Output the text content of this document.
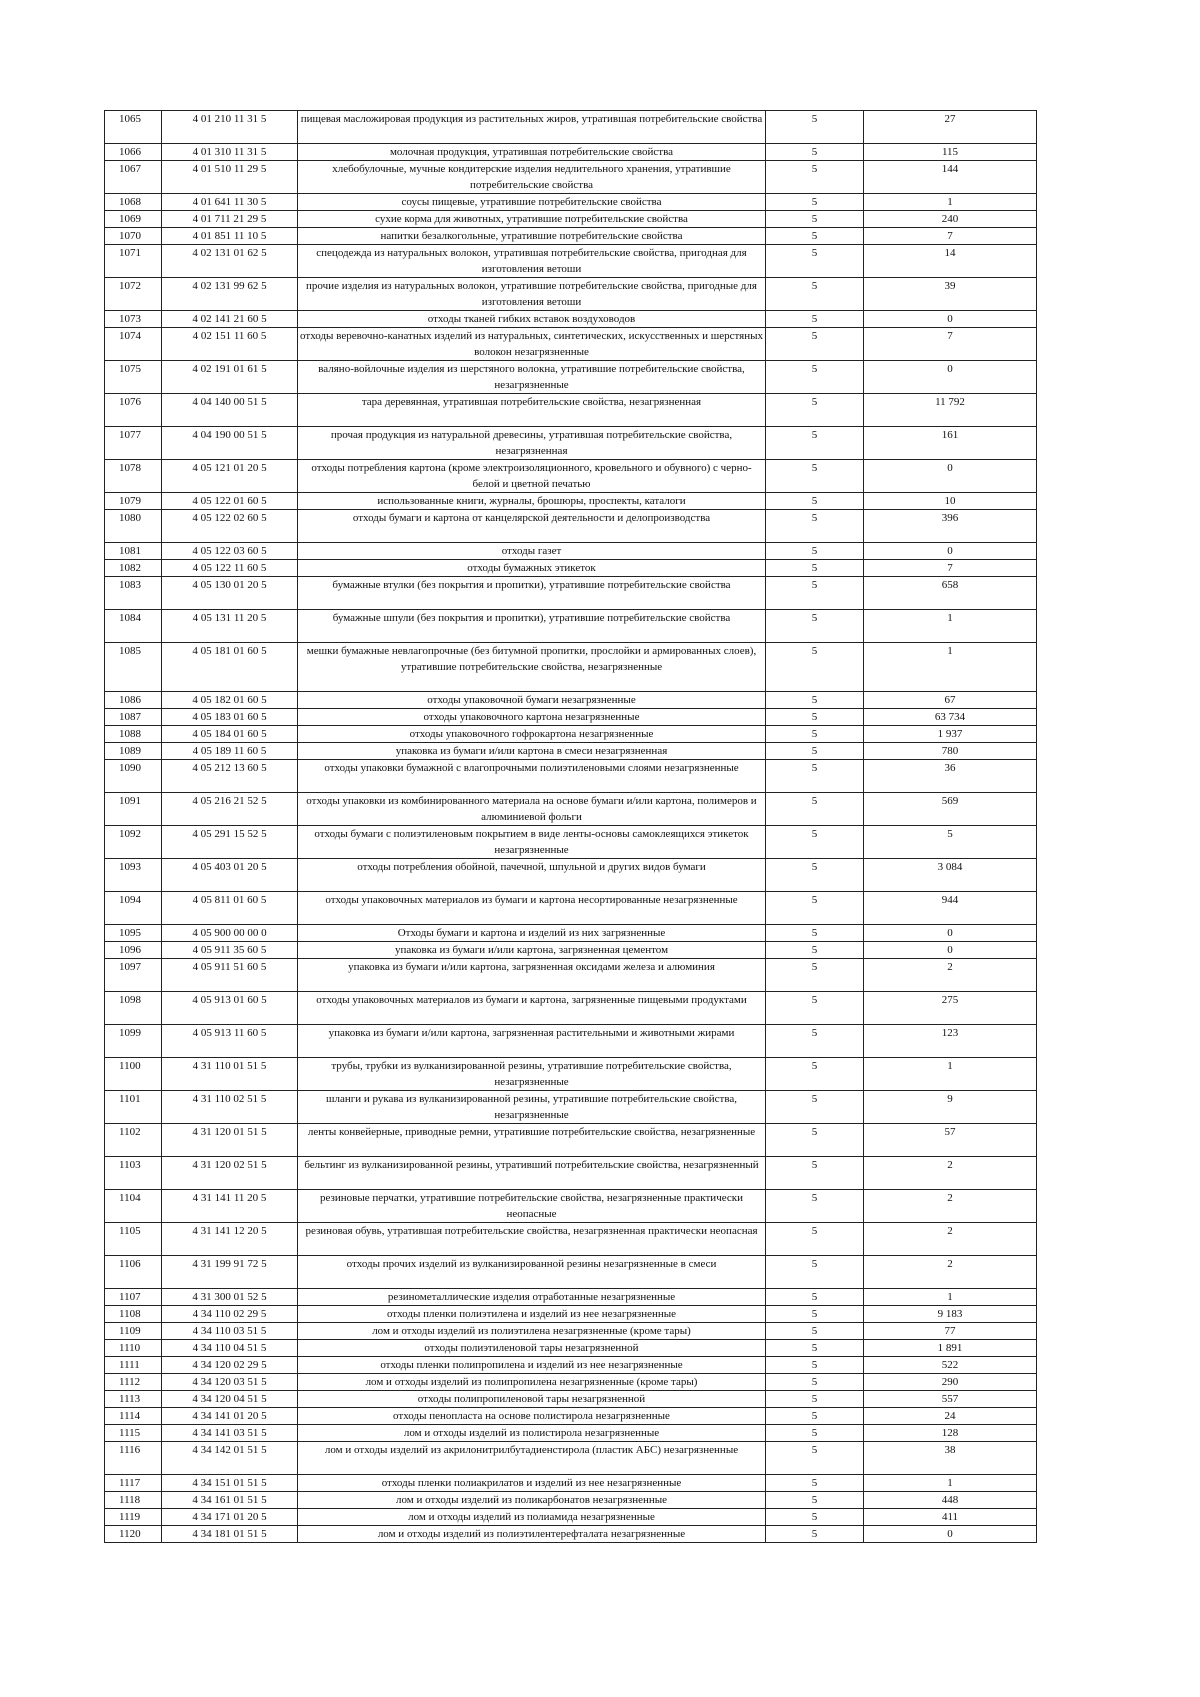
1065	4 01 210 11 31 5	пищевая масложировая продукция из растительных жиров, утратившая потребительские свойства	5	27
1066	4 01 310 11 31 5	молочная продукция, утратившая потребительские свойства	5	115
1067	4 01 510 11 29 5	хлебобулочные, мучные кондитерские изделия недлительного хранения, утратившие потребительские свойства	5	144
1068	4 01 641 11 30 5	соусы пищевые, утратившие потребительские свойства	5	1
1069	4 01 711 21 29 5	сухие корма для животных, утратившие потребительские свойства	5	240
1070	4 01 851 11 10 5	напитки безалкогольные, утратившие потребительские свойства	5	7
1071	4 02 131 01 62 5	спецодежда из натуральных волокон, утратившая потребительские свойства, пригодная для изготовления ветоши	5	14
1072	4 02 131 99 62 5	прочие изделия из натуральных волокон, утратившие потребительские свойства, пригодные для изготовления ветоши	5	39
1073	4 02 141 21 60 5	отходы тканей гибких вставок воздуховодов	5	0
1074	4 02 151 11 60 5	отходы веревочно-канатных изделий из натуральных, синтетических, искусственных и шерстяных волокон незагрязненные	5	7
1075	4 02 191 01 61 5	валяно-войлочные изделия из шерстяного волокна, утратившие потребительские свойства, незагрязненные	5	0
1076	4 04 140 00 51 5	тара деревянная, утратившая потребительские свойства, незагрязненная	5	11 792
1077	4 04 190 00 51 5	прочая продукция из натуральной древесины, утратившая потребительские свойства, незагрязненная	5	161
1078	4 05 121 01 20 5	отходы потребления картона (кроме электроизоляционного, кровельного и обувного) с черно-белой и цветной печатью	5	0
1079	4 05 122 01 60 5	использованные книги, журналы, брошюры, проспекты, каталоги	5	10
1080	4 05 122 02 60 5	отходы бумаги и картона от канцелярской деятельности и делопроизводства	5	396
1081	4 05 122 03 60 5	отходы газет	5	0
1082	4 05 122 11 60 5	отходы бумажных этикеток	5	7
1083	4 05 130 01 20 5	бумажные втулки (без покрытия и пропитки), утратившие потребительские свойства	5	658
1084	4 05 131 11 20 5	бумажные шпули (без покрытия и пропитки), утратившие потребительские свойства	5	1
1085	4 05 181 01 60 5	мешки бумажные невлагопрочные (без битумной пропитки, прослойки и армированных слоев), утратившие потребительские свойства, незагрязненные	5	1
1086	4 05 182 01 60 5	отходы упаковочной бумаги незагрязненные	5	67
1087	4 05 183 01 60 5	отходы упаковочного картона незагрязненные	5	63 734
1088	4 05 184 01 60 5	отходы упаковочного гофрокартона незагрязненные	5	1 937
1089	4 05 189 11 60 5	упаковка из бумаги и/или картона в смеси незагрязненная	5	780
1090	4 05 212 13 60 5	отходы упаковки бумажной с влагопрочными полиэтиленовыми слоями незагрязненные	5	36
1091	4 05 216 21 52 5	отходы упаковки из комбинированного материала на основе бумаги и/или картона, полимеров и алюминиевой фольги	5	569
1092	4 05 291 15 52 5	отходы бумаги с полиэтиленовым покрытием в виде ленты-основы самоклеящихся этикеток незагрязненные	5	5
1093	4 05 403 01 20 5	отходы потребления обойной, пачечной, шпульной и других видов бумаги	5	3 084
1094	4 05 811 01 60 5	отходы упаковочных материалов из бумаги и картона несортированные незагрязненные	5	944
1095	4 05 900 00 00 0	Отходы бумаги и картона и изделий из них загрязненные	5	0
1096	4 05 911 35 60 5	упаковка из бумаги и/или картона, загрязненная цементом	5	0
1097	4 05 911 51 60 5	упаковка из бумаги и/или картона, загрязненная оксидами железа и алюминия	5	2
1098	4 05 913 01 60 5	отходы упаковочных материалов из бумаги и картона, загрязненные пищевыми продуктами	5	275
1099	4 05 913 11 60 5	упаковка из бумаги и/или картона, загрязненная растительными и животными жирами	5	123
1100	4 31 110 01 51 5	трубы, трубки из вулканизированной резины, утратившие потребительские свойства, незагрязненные	5	1
1101	4 31 110 02 51 5	шланги и рукава из вулканизированной резины, утратившие потребительские свойства, незагрязненные	5	9
1102	4 31 120 01 51 5	ленты конвейерные, приводные ремни, утратившие потребительские свойства, незагрязненные	5	57
1103	4 31 120 02 51 5	бельтинг из вулканизированной резины, утративший потребительские свойства, незагрязненный	5	2
1104	4 31 141 11 20 5	резиновые перчатки, утратившие потребительские свойства, незагрязненные практически неопасные	5	2
1105	4 31 141 12 20 5	резиновая обувь, утратившая потребительские свойства, незагрязненная практически неопасная	5	2
1106	4 31 199 91 72 5	отходы прочих изделий из вулканизированной резины незагрязненные в смеси	5	2
1107	4 31 300 01 52 5	резинометаллические изделия отработанные незагрязненные	5	1
1108	4 34 110 02 29 5	отходы пленки полиэтилена и изделий из нее незагрязненные	5	9 183
1109	4 34 110 03 51 5	лом и отходы изделий из полиэтилена незагрязненные (кроме тары)	5	77
1110	4 34 110 04 51 5	отходы полиэтиленовой тары незагрязненной	5	1 891
1111	4 34 120 02 29 5	отходы пленки полипропилена и изделий из нее незагрязненные	5	522
1112	4 34 120 03 51 5	лом и отходы изделий из полипропилена незагрязненные (кроме тары)	5	290
1113	4 34 120 04 51 5	отходы полипропиленовой тары незагрязненной	5	557
1114	4 34 141 01 20 5	отходы пенопласта на основе полистирола незагрязненные	5	24
1115	4 34 141 03 51 5	лом и отходы изделий из полистирола незагрязненные	5	128
1116	4 34 142 01 51 5	лом и отходы изделий из акрилонитрилбутадиенстирола (пластик АБС) незагрязненные	5	38
1117	4 34 151 01 51 5	отходы пленки полиакрилатов и изделий из нее незагрязненные	5	1
1118	4 34 161 01 51 5	лом и отходы изделий из поликарбонатов незагрязненные	5	448
1119	4 34 171 01 20 5	лом и отходы изделий из полиамида незагрязненные	5	411
1120	4 34 181 01 51 5	лом и отходы изделий из полиэтилентерефталата незагрязненные	5	0
